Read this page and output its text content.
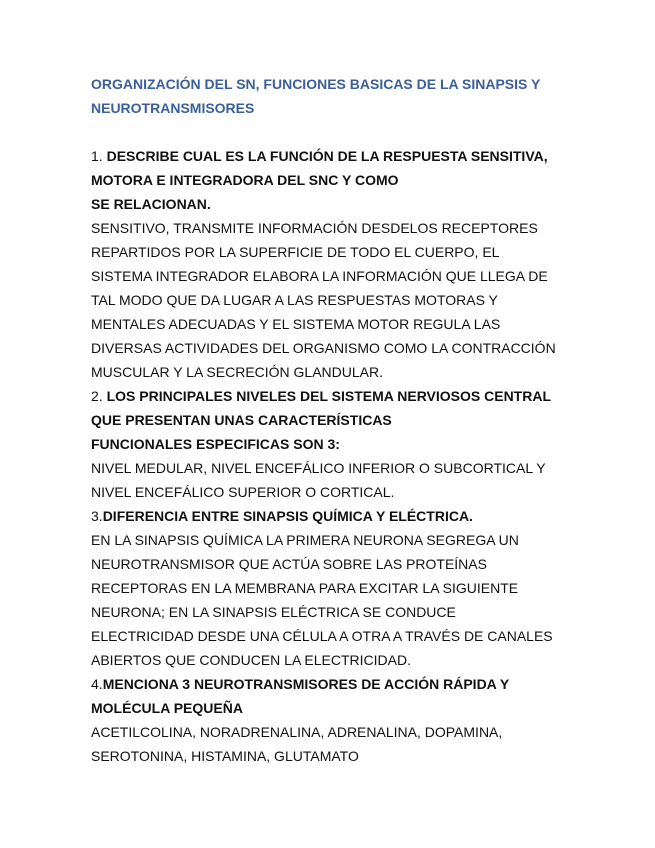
ORGANIZACIÓN DEL SN, FUNCIONES BASICAS DE LA SINAPSIS Y
NEUROTRANSMISORES
1. DESCRIBE CUAL ES LA FUNCIÓN DE LA RESPUESTA SENSITIVA,
MOTORA E INTEGRADORA DEL SNC Y COMO
SE RELACIONAN.
SENSITIVO, TRANSMITE INFORMACIÓN DESDELOS RECEPTORES
REPARTIDOS POR LA SUPERFICIE DE TODO EL CUERPO, EL
SISTEMA INTEGRADOR ELABORA LA INFORMACIÓN QUE LLEGA DE
TAL MODO QUE DA LUGAR A LAS RESPUESTAS MOTORAS Y
MENTALES ADECUADAS Y EL SISTEMA MOTOR REGULA LAS
DIVERSAS ACTIVIDADES DEL ORGANISMO COMO LA CONTRACCIÓN
MUSCULAR Y LA SECRECIÓN GLANDULAR.
2. LOS PRINCIPALES NIVELES DEL SISTEMA NERVIOSOS CENTRAL
QUE PRESENTAN UNAS CARACTERÍSTICAS
FUNCIONALES ESPECIFICAS SON 3:
NIVEL MEDULAR, NIVEL ENCEFÁLICO INFERIOR O SUBCORTICAL Y
NIVEL ENCEFÁLICO SUPERIOR O CORTICAL.
3.DIFERENCIA ENTRE SINAPSIS QUÍMICA Y ELÉCTRICA.
EN LA SINAPSIS QUÍMICA LA PRIMERA NEURONA SEGREGA UN
NEUROTRANSMISOR QUE ACTÚA SOBRE LAS PROTEÍNAS
RECEPTORAS EN LA MEMBRANA PARA EXCITAR LA SIGUIENTE
NEURONA; EN LA SINAPSIS ELÉCTRICA SE CONDUCE
ELECTRICIDAD DESDE UNA CÉLULA A OTRA A TRAVÉS DE CANALES
ABIERTOS QUE CONDUCEN LA ELECTRICIDAD.
4.MENCIONA 3 NEUROTRANSMISORES DE ACCIÓN RÁPIDA Y
MOLÉCULA PEQUEÑA
ACETILCOLINA, NORADRENALINA, ADRENALINA, DOPAMINA,
SEROTONINA, HISTAMINA, GLUTAMATO
